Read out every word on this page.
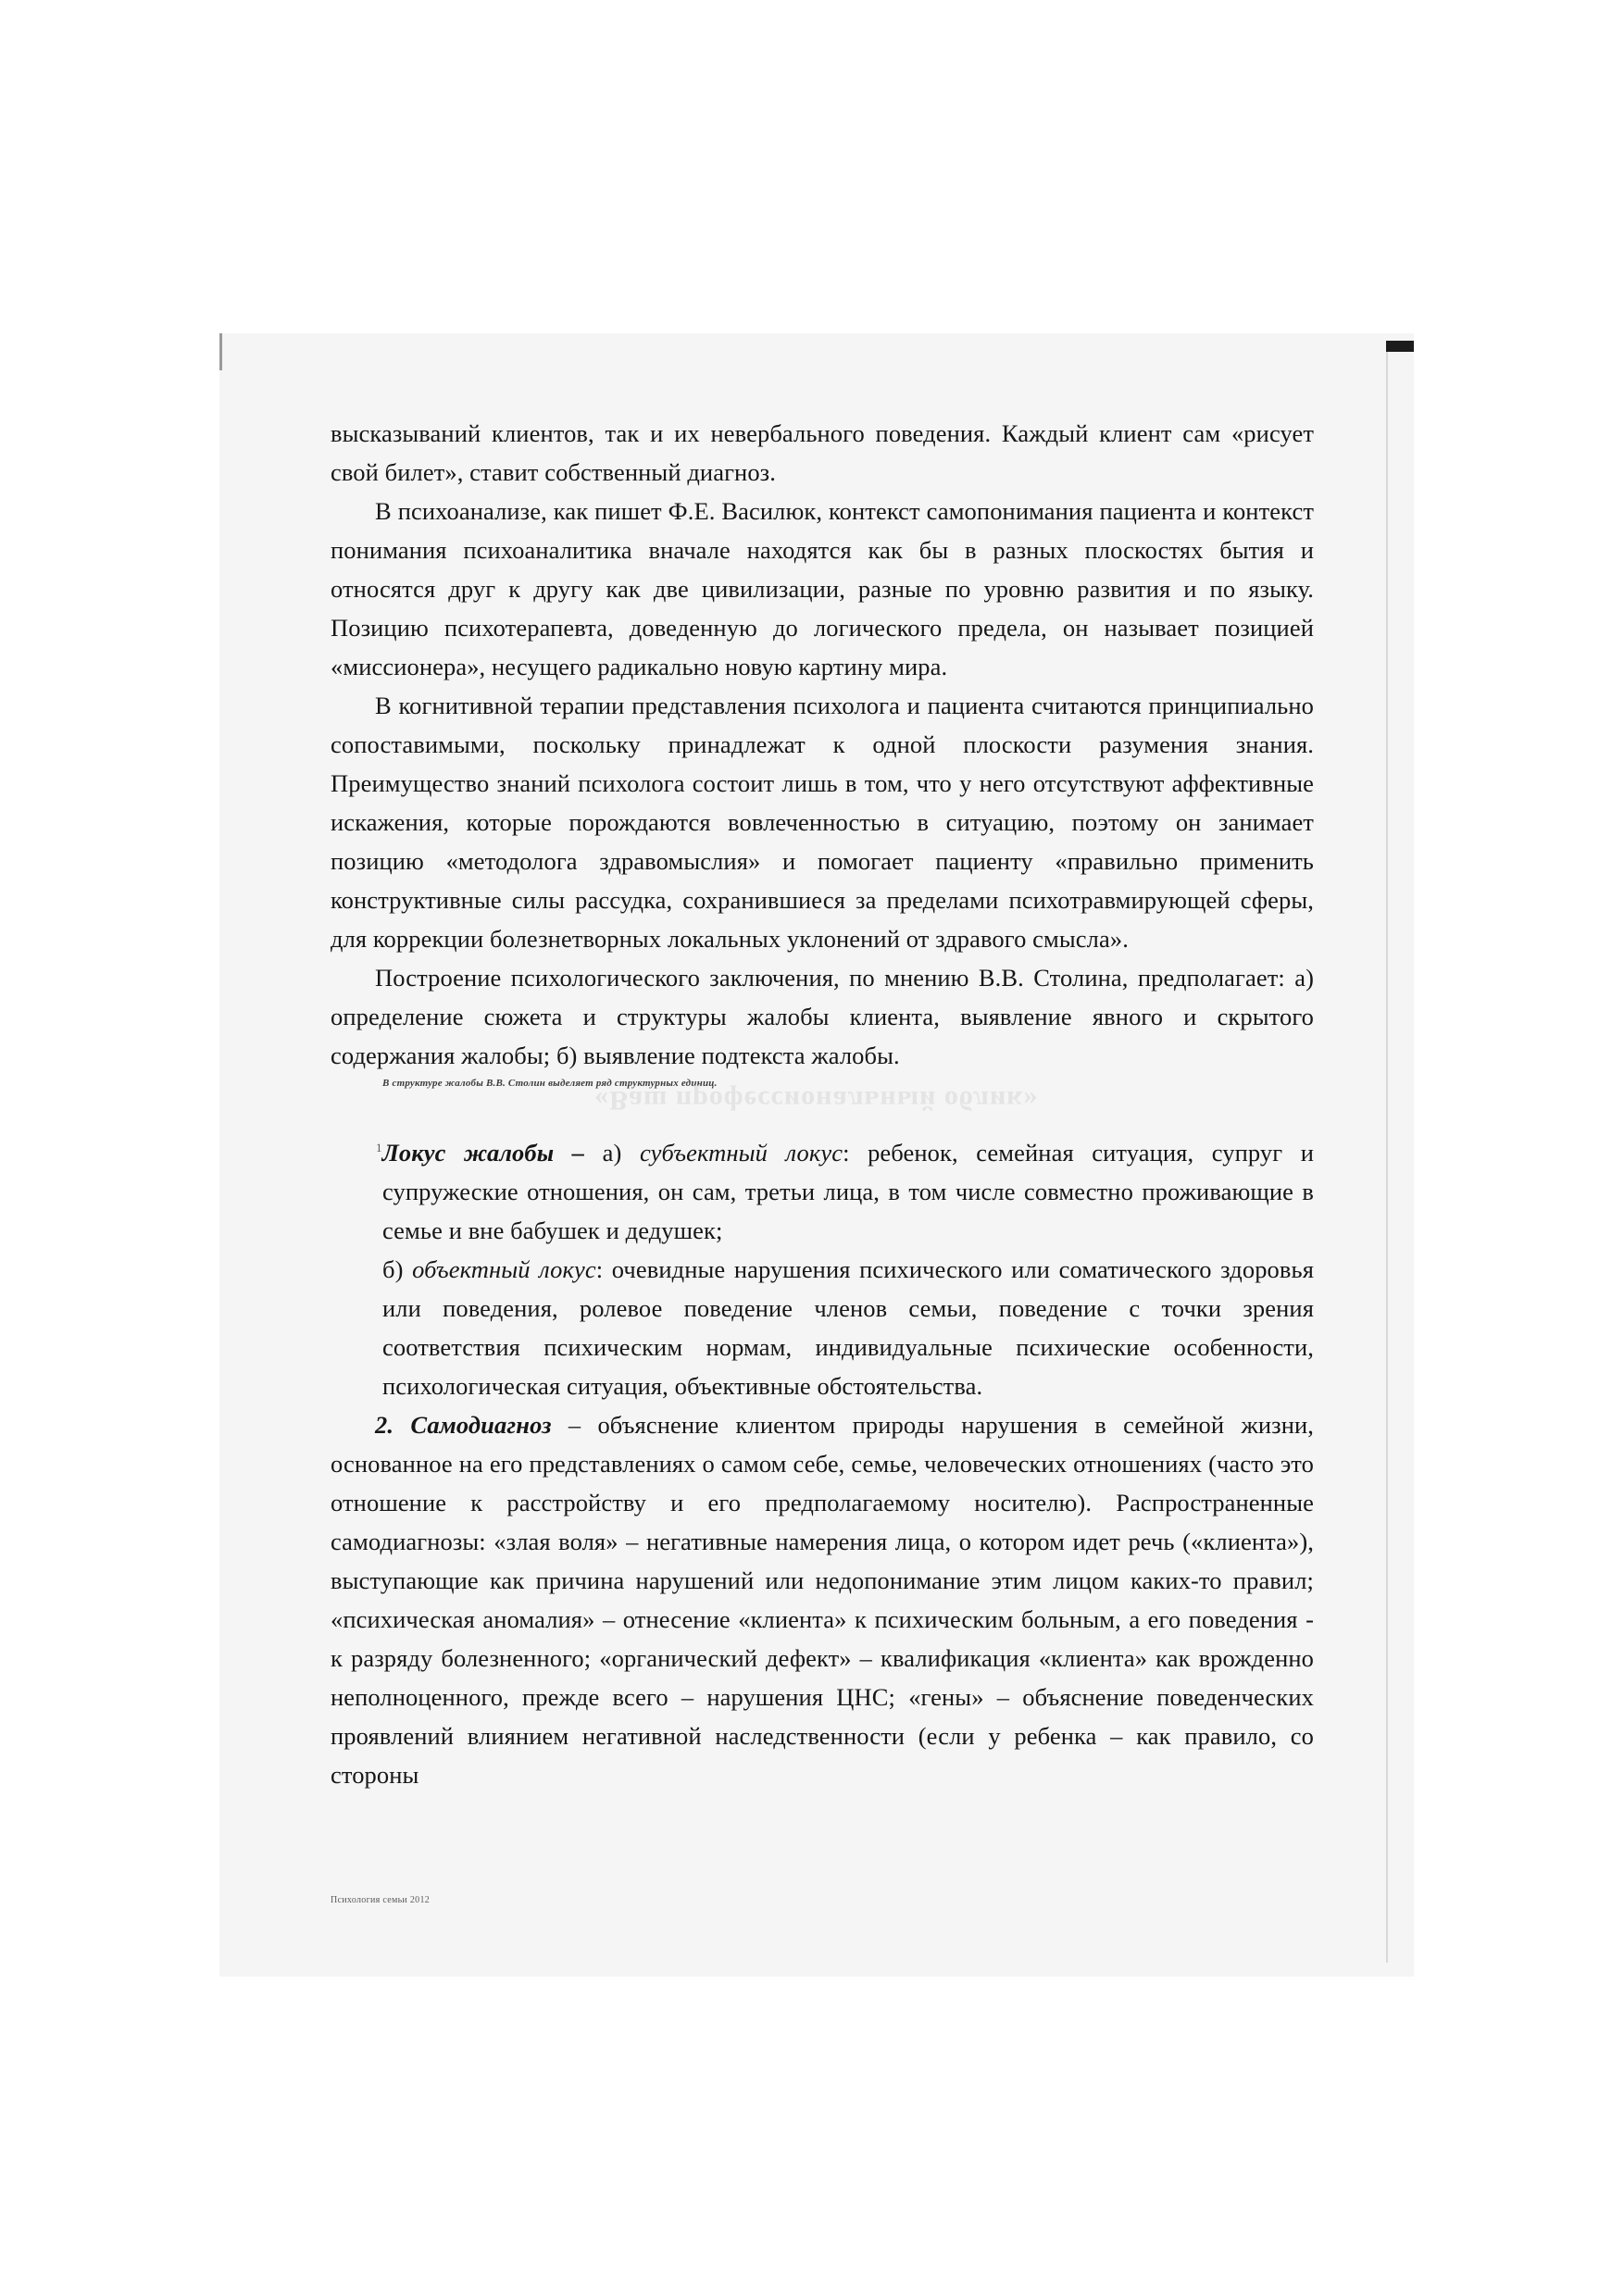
высказываний клиентов, так и их невербального поведения. Каждый клиент сам «рисует свой билет», ставит собственный диагноз.

В психоанализе, как пишет Ф.Е. Василюк, контекст самопонимания пациента и контекст понимания психоаналитика вначале находятся как бы в разных плоскостях бытия и относятся друг к другу как две цивилизации, разные по уровню развития и по языку. Позицию психотерапевта, доведенную до логического предела, он называет позицией «миссионера», несущего радикально новую картину мира.

В когнитивной терапии представления психолога и пациента считаются принципиально сопоставимыми, поскольку принадлежат к одной плоскости разумения знания. Преимущество знаний психолога состоит лишь в том, что у него отсутствуют аффективные искажения, которые порождаются вовлеченностью в ситуацию, поэтому он занимает позицию «методолога здравомыслия» и помогает пациенту «правильно применить конструктивные силы рассудка, сохранившиеся за пределами психотравмирующей сферы, для коррекции болезнетворных локальных уклонений от здравого смысла».

Построение психологического заключения, по мнению В.В. Столина, предполагает: а) определение сюжета и структуры жалобы клиента, выявление явного и скрытого содержания жалобы; б) выявление подтекста жалобы.

В структуре жалобы В.В. Столин выделяет ряд структурных единиц.

«Ваш профессиональный облик»

$^1$Локус жалобы – а) субъектный локус: ребенок, семейная ситуация, супруг и супружеские отношения, он сам, третьи лица, в том числе совместно проживающие в семье и вне бабушек и дедушек;

б) объектный локус: очевидные нарушения психического или соматического здоровья или поведения, ролевое поведение членов семьи, поведение с точки зрения соответствия психическим нормам, индивидуальные психические особенности, психологическая ситуация, объективные обстоятельства.

2. Самодиагноз – объяснение клиентом природы нарушения в семейной жизни, основанное на его представлениях о самом себе, семье, человеческих отношениях (часто это отношение к расстройству и его предполагаемому носителю). Распространенные самодиагнозы: «злая воля» – негативные намерения лица, о котором идет речь («клиента»), выступающие как причина нарушений или недопонимание этим лицом каких-то правил; «психическая аномалия» – отнесение «клиента» к психическим больным, а его поведения - к разряду болезненного; «органический дефект» – квалификация «клиента» как врожденно неполноценного, прежде всего – нарушения ЦНС; «гены» – объяснение поведенческих проявлений влиянием негативной наследственности (если у ребенка – как правило, со стороны

Психология семьи 2012
